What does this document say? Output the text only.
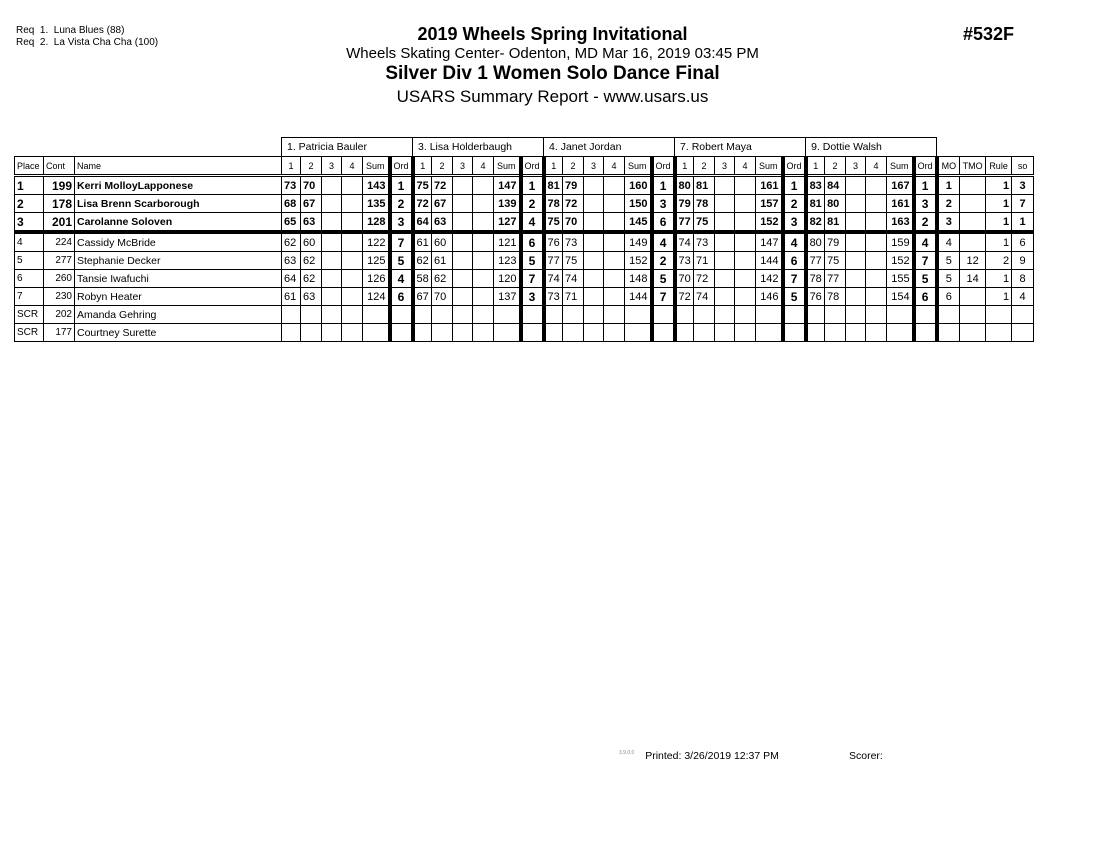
Req  1.  Luna Blues (88)
Req  2.  La Vista Cha Cha (100)	2019 Wheels Spring Invitational
Wheels Skating Center- Odenton, MD Mar 16, 2019 03:45 PM
Silver Div 1 Women Solo Dance Final
USARS Summary Report - www.usars.us
#532F
			1. Patricia Bauler						3. Lisa Holderbaugh						4. Janet Jordan						7. Robert Maya						9. Dottie Walsh									
Place	Cont	Name	1	2	3	4	Sum	Ord	1	2	3	4	Sum	Ord	1	2	3	4	Sum	Ord	1	2	3	4	Sum	Ord	1	2	3	4	Sum	Ord	MO	TMO	Rule	so
1	199	Kerri MolloyLapponese	73	70			143	1	75	72			147	1	81	79			160	1	80	81			161	1	83	84			167	1	1		1	3
2	178	Lisa Brenn Scarborough	68	67			135	2	72	67			139	2	78	72			150	3	79	78			157	2	81	80			161	3	2		1	7
3	201	Carolanne Soloven	65	63			128	3	64	63			127	4	75	70			145	6	77	75			152	3	82	81			163	2	3		1	1
4	224	Cassidy McBride	62	60			122	7	61	60			121	6	76	73			149	4	74	73			147	4	80	79			159	4	4		1	6
5	277	Stephanie Decker	63	62			125	5	62	61			123	5	77	75			152	2	73	71			144	6	77	75			152	7	5	12	2	9
6	260	Tansie Iwafuchi	64	62			126	4	58	62			120	7	74	74			148	5	70	72			142	7	78	77			155	5	5	14	1	8
7	230	Robyn Heater	61	63			124	6	67	70			137	3	73	71			144	7	72	74			146	5	76	78			154	6	6		1	4
SCR	202	Amanda Gehring																																		
SCR	177	Courtney Surette																																		
$^{3.9.0.0}$ Printed: 3/26/2019 12:37 PM	Scorer:
